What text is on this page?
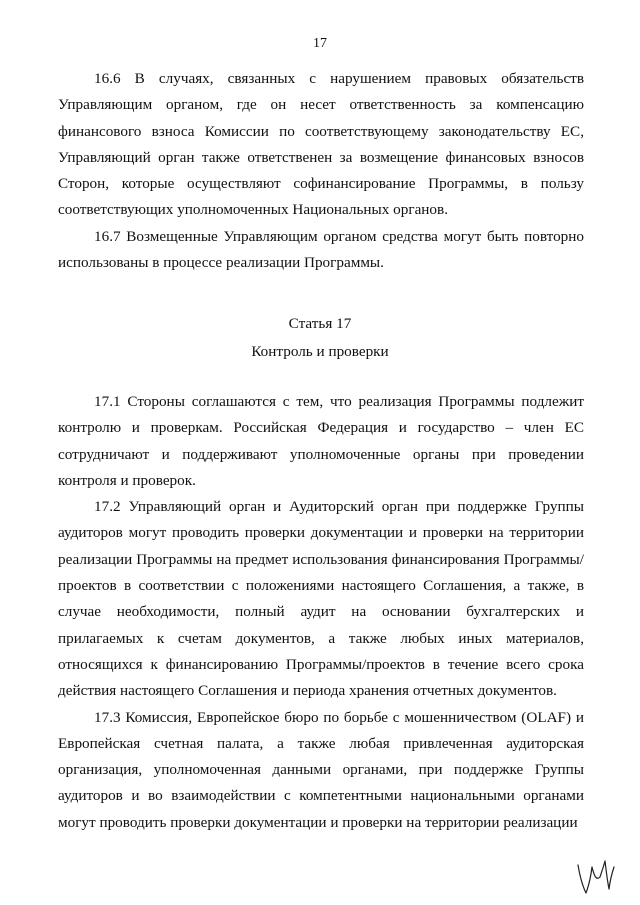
17

16.6 В случаях, связанных с нарушением правовых обязательств Управляющим органом, где он несет ответственность за компенсацию финансового взноса Комиссии по соответствующему законодательству ЕС, Управляющий орган также ответственен за возмещение финансовых взносов Сторон, которые осуществляют софинансирование Программы, в пользу соответствующих уполномоченных Национальных органов.

16.7 Возмещенные Управляющим органом средства могут быть повторно использованы в процессе реализации Программы.

Статья 17
Контроль и проверки

17.1 Стороны соглашаются с тем, что реализация Программы подлежит контролю и проверкам. Российская Федерация и государство – член ЕС сотрудничают и поддерживают уполномоченные органы при проведении контроля и проверок.

17.2 Управляющий орган и Аудиторский орган при поддержке Группы аудиторов могут проводить проверки документации и проверки на территории реализации Программы на предмет использования финансирования Программы/проектов в соответствии с положениями настоящего Соглашения, а также, в случае необходимости, полный аудит на основании бухгалтерских и прилагаемых к счетам документов, а также любых иных материалов, относящихся к финансированию Программы/проектов в течение всего срока действия настоящего Соглашения и периода хранения отчетных документов.

17.3 Комиссия, Европейское бюро по борьбе с мошенничеством (OLAF) и Европейская счетная палата, а также любая привлеченная аудиторская организация, уполномоченная данными органами, при поддержке Группы аудиторов и во взаимодействии с компетентными национальными органами могут проводить проверки документации и проверки на территории реализации
